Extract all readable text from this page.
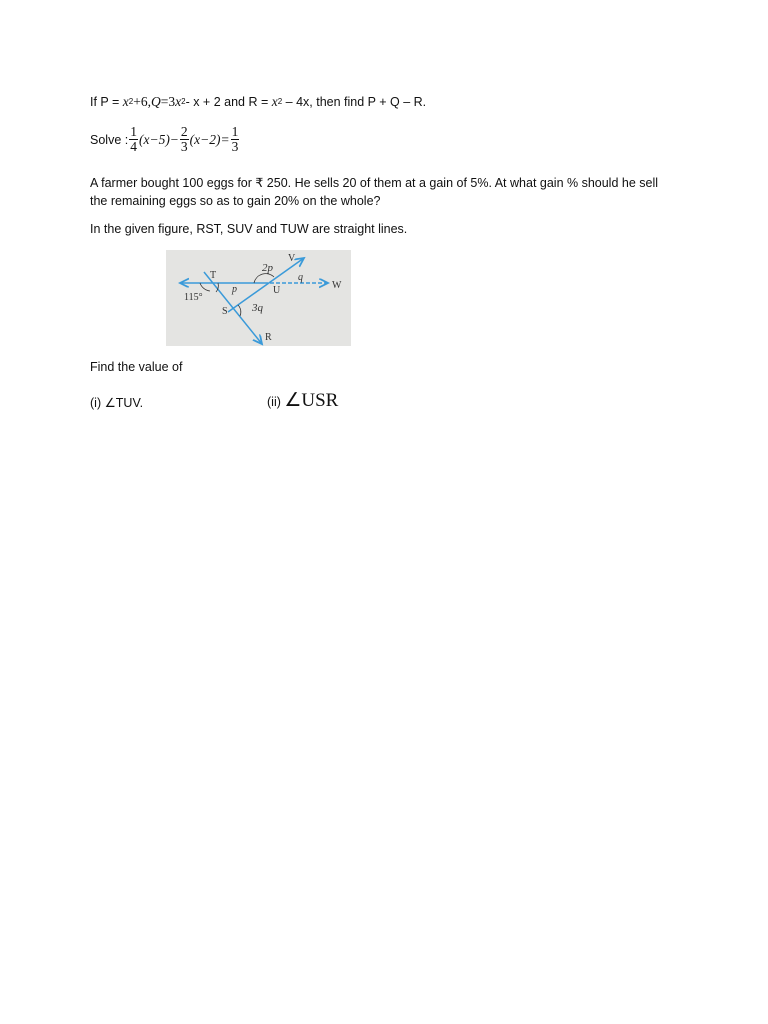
If $P = x^2+6,Q=3x^2-$ x + 2 and $R = x^2 - 4x$, then find P + Q – R.
Solve : $\frac{1}{4} (x-5)- \frac{2}{3} (x-2)= \frac{1}{3}$
A farmer bought 100 eggs for ₹ 250. He sells 20 of them at a gain of 5%. At what gain % should he sell
the remaining eggs so as to gain 20% on the whole?
In the given figure, RST, SUV and TUW are straight lines.
T
V
W
U
S
R
2p
q
p
3q
115°
Find the value of
(i) ∠TUV.	(ii) ∠USR
